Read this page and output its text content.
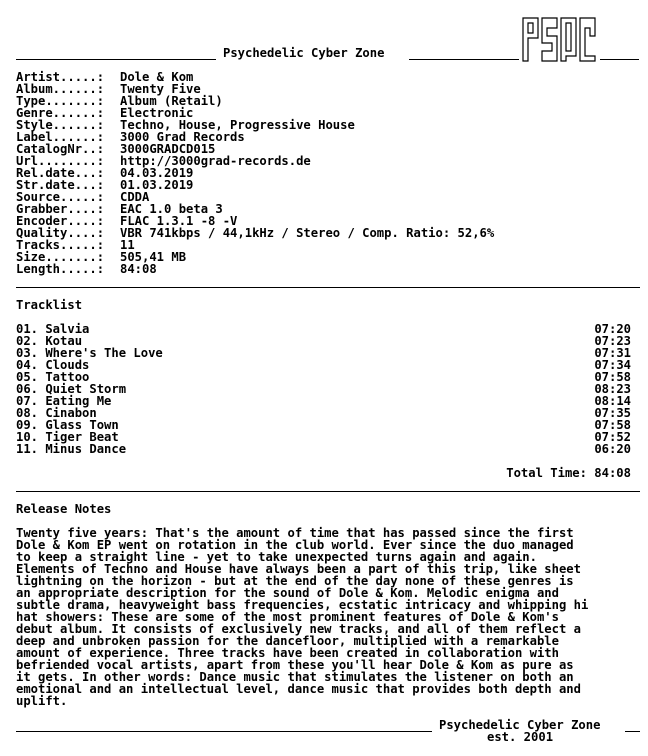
Psychedelic Cyber Zone
Artist.....: Dole & Kom
Album......: Twenty Five
Type.......: Album (Retail)
Genre......: Electronic
Style......: Techno, House, Progressive House
Label......: 3000 Grad Records
CatalogNr..: 3000GRADCD015
Url........: http://3000grad-records.de
Rel.date...: 04.03.2019
Str.date...: 01.03.2019
Source.....: CDDA
Grabber....: EAC 1.0 beta 3
Encoder....: FLAC 1.3.1 -8 -V
Quality....: VBR 741kbps / 44,1kHz / Stereo / Comp. Ratio: 52,6%
Tracks.....: 11
Size.......: 505,41 MB
Length.....: 84:08
Tracklist
01. Salvia	07:20
02. Kotau	07:23
03. Where's The Love	07:31
04. Clouds	07:34
05. Tattoo	07:58
06. Quiet Storm	08:23
07. Eating Me	08:14
08. Cinabon	07:35
09. Glass Town	07:58
10. Tiger Beat	07:52
11. Minus Dance	06:20
Total Time: 84:08
Release Notes
Twenty five years: That's the amount of time that has passed since the first
Dole & Kom EP went on rotation in the club world. Ever since the duo managed
to keep a straight line - yet to take unexpected turns again and again.
Elements of Techno and House have always been a part of this trip, like sheet
lightning on the horizon - but at the end of the day none of these genres is
an appropriate description for the sound of Dole & Kom. Melodic enigma and
subtle drama, heavyweight bass frequencies, ecstatic intricacy and whipping hi
hat showers: These are some of the most prominent features of Dole & Kom's
debut album. It consists of exclusively new tracks, and all of them reflect a
deep and unbroken passion for the dancefloor, multiplied with a remarkable
amount of experience. Three tracks have been created in collaboration with
befriended vocal artists, apart from these you'll hear Dole & Kom as pure as
it gets. In other words: Dance music that stimulates the listener on both an
emotional and an intellectual level, dance music that provides both depth and
uplift.
Psychedelic Cyber Zone
est. 2001
